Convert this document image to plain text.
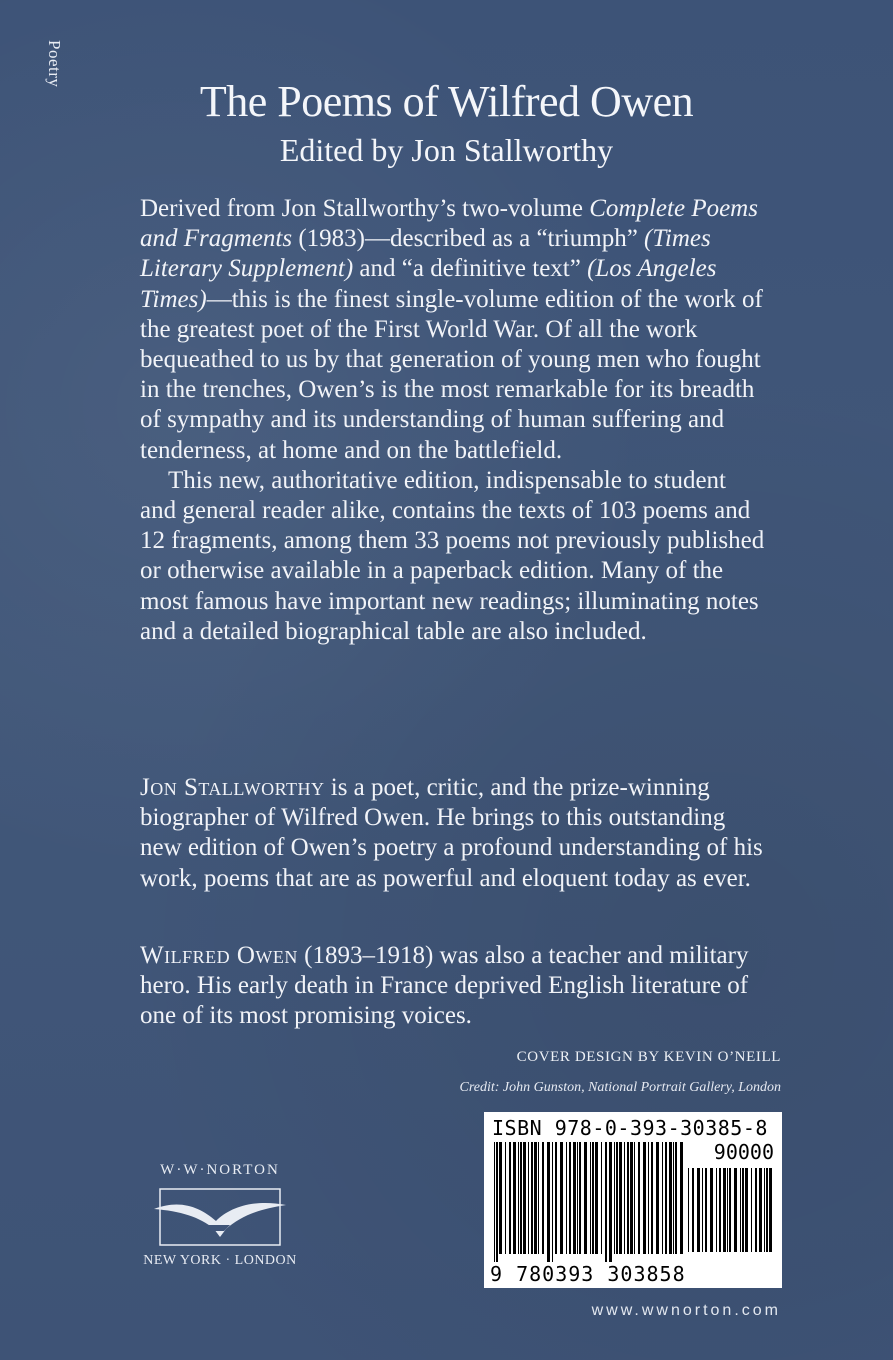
Poetry
The Poems of Wilfred Owen
Edited by Jon Stallworthy

Derived from Jon Stallworthy’s two-volume Complete Poems and Fragments (1983)—described as a “triumph” (Times Literary Supplement) and “a definitive text” (Los Angeles Times)—this is the finest single-volume edition of the work of the greatest poet of the First World War. Of all the work bequeathed to us by that generation of young men who fought in the trenches, Owen’s is the most remarkable for its breadth of sympathy and its understanding of human suffering and tenderness, at home and on the battlefield.

This new, authoritative edition, indispensable to student and general reader alike, contains the texts of 103 poems and 12 fragments, among them 33 poems not previously published or otherwise available in a paperback edition. Many of the most famous have important new readings; illuminating notes and a detailed biographical table are also included.

Jon Stallworthy is a poet, critic, and the prize-winning biographer of Wilfred Owen. He brings to this outstanding new edition of Owen’s poetry a profound understanding of his work, poems that are as powerful and eloquent today as ever.

Wilfred Owen (1893–1918) was also a teacher and military hero. His early death in France deprived English literature of one of its most promising voices.

COVER DESIGN BY KEVIN O’NEILL
Credit: John Gunston, National Portrait Gallery, London
W·W·NORTON
NEW YORK · LONDON
ISBN 978-0-393-30385-8
90000
9 780393 303858
www.wwnorton.com
